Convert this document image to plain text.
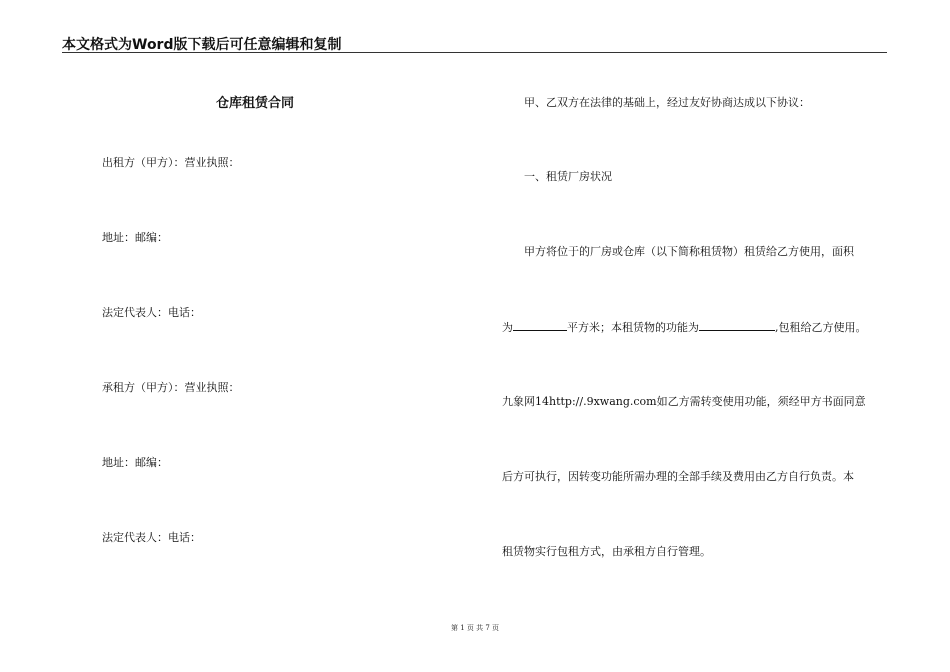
本文格式为Word版下载后可任意编辑和复制
仓库租赁合同
出租方（甲方）：营业执照：
地址：邮编：
法定代表人：电话：
承租方（甲方）：营业执照：
地址：邮编：
法定代表人：电话：
甲、乙双方在法律的基础上，经过友好协商达成以下协议：
一、租赁厂房状况
甲方将位于的厂房或仓库（以下简称租赁物）租赁给乙方使用，面积
为	平方米；本租赁物的功能为	,包租给乙方使用。
九象网14http://.9xwang.com如乙方需转变使用功能，须经甲方书面同意
后方可执行，因转变功能所需办理的全部手续及费用由乙方自行负责。本
租赁物实行包租方式，由承租方自行管理。
第 1 页 共 7 页
